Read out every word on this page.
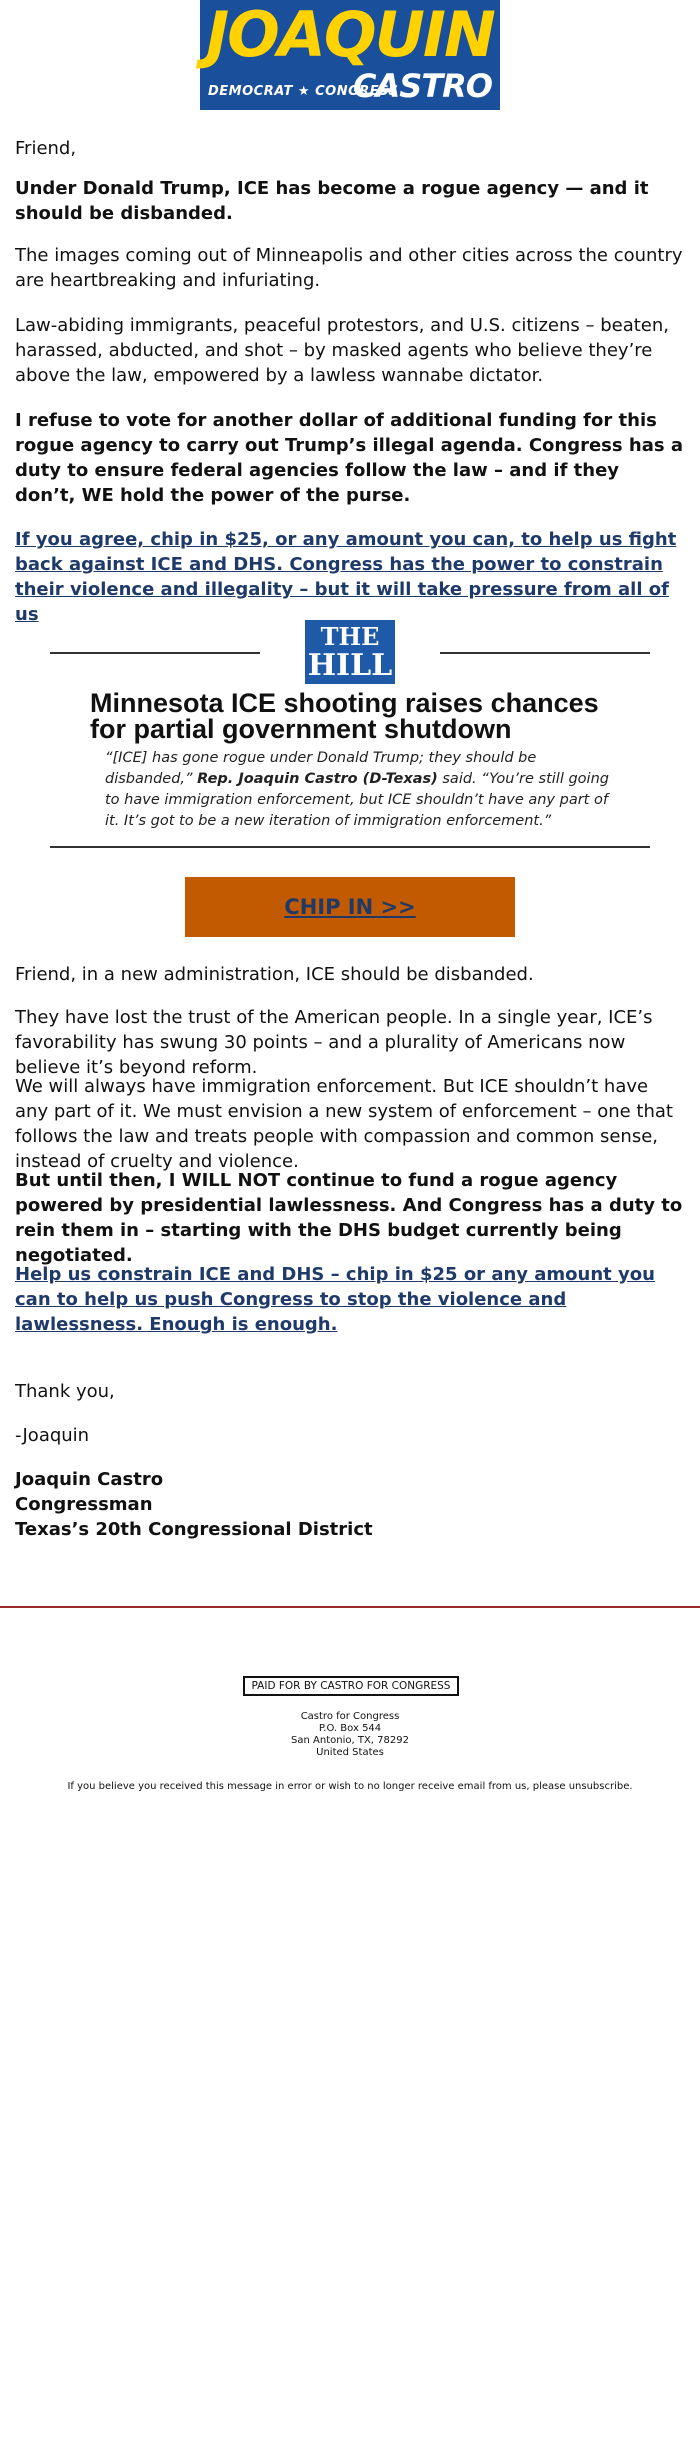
JOAQUIN
DEMOCRAT ★ CONGRESS
CASTRO

Friend,

Under Donald Trump, ICE has become a rogue agency — and it should be disbanded.

The images coming out of Minneapolis and other cities across the country are heartbreaking and infuriating.

Law-abiding immigrants, peaceful protestors, and U.S. citizens – beaten, harassed, abducted, and shot – by masked agents who believe they’re above the law, empowered by a lawless wannabe dictator.

I refuse to vote for another dollar of additional funding for this rogue agency to carry out Trump’s illegal agenda. Congress has a duty to ensure federal agencies follow the law – and if they don’t, WE hold the power of the purse.

If you agree, chip in $25, or any amount you can, to help us fight back against ICE and DHS. Congress has the power to constrain their violence and illegality – but it will take pressure from all of us
THE
HILL
Minnesota ICE shooting raises chances for partial government shutdown
“[ICE] has gone rogue under Donald Trump; they should be disbanded,” Rep. Joaquin Castro (D-Texas) said. “You’re still going to have immigration enforcement, but ICE shouldn’t have any part of it. It’s got to be a new iteration of immigration enforcement.”
CHIP IN >>

Friend, in a new administration, ICE should be disbanded.

They have lost the trust of the American people. In a single year, ICE’s favorability has swung 30 points – and a plurality of Americans now believe it’s beyond reform.

We will always have immigration enforcement. But ICE shouldn’t have any part of it. We must envision a new system of enforcement – one that follows the law and treats people with compassion and common sense, instead of cruelty and violence.

But until then, I WILL NOT continue to fund a rogue agency powered by presidential lawlessness. And Congress has a duty to rein them in – starting with the DHS budget currently being negotiated.

Help us constrain ICE and DHS – chip in $25 or any amount you can to help us push Congress to stop the violence and lawlessness. Enough is enough.

Thank you,

-Joaquin

Joaquin Castro

Congressman

Texas’s 20th Congressional District

PAID FOR BY CASTRO FOR CONGRESS
Castro for Congress
P.O. Box 544
San Antonio, TX, 78292
United States
If you believe you received this message in error or wish to no longer receive email from us, please unsubscribe.
